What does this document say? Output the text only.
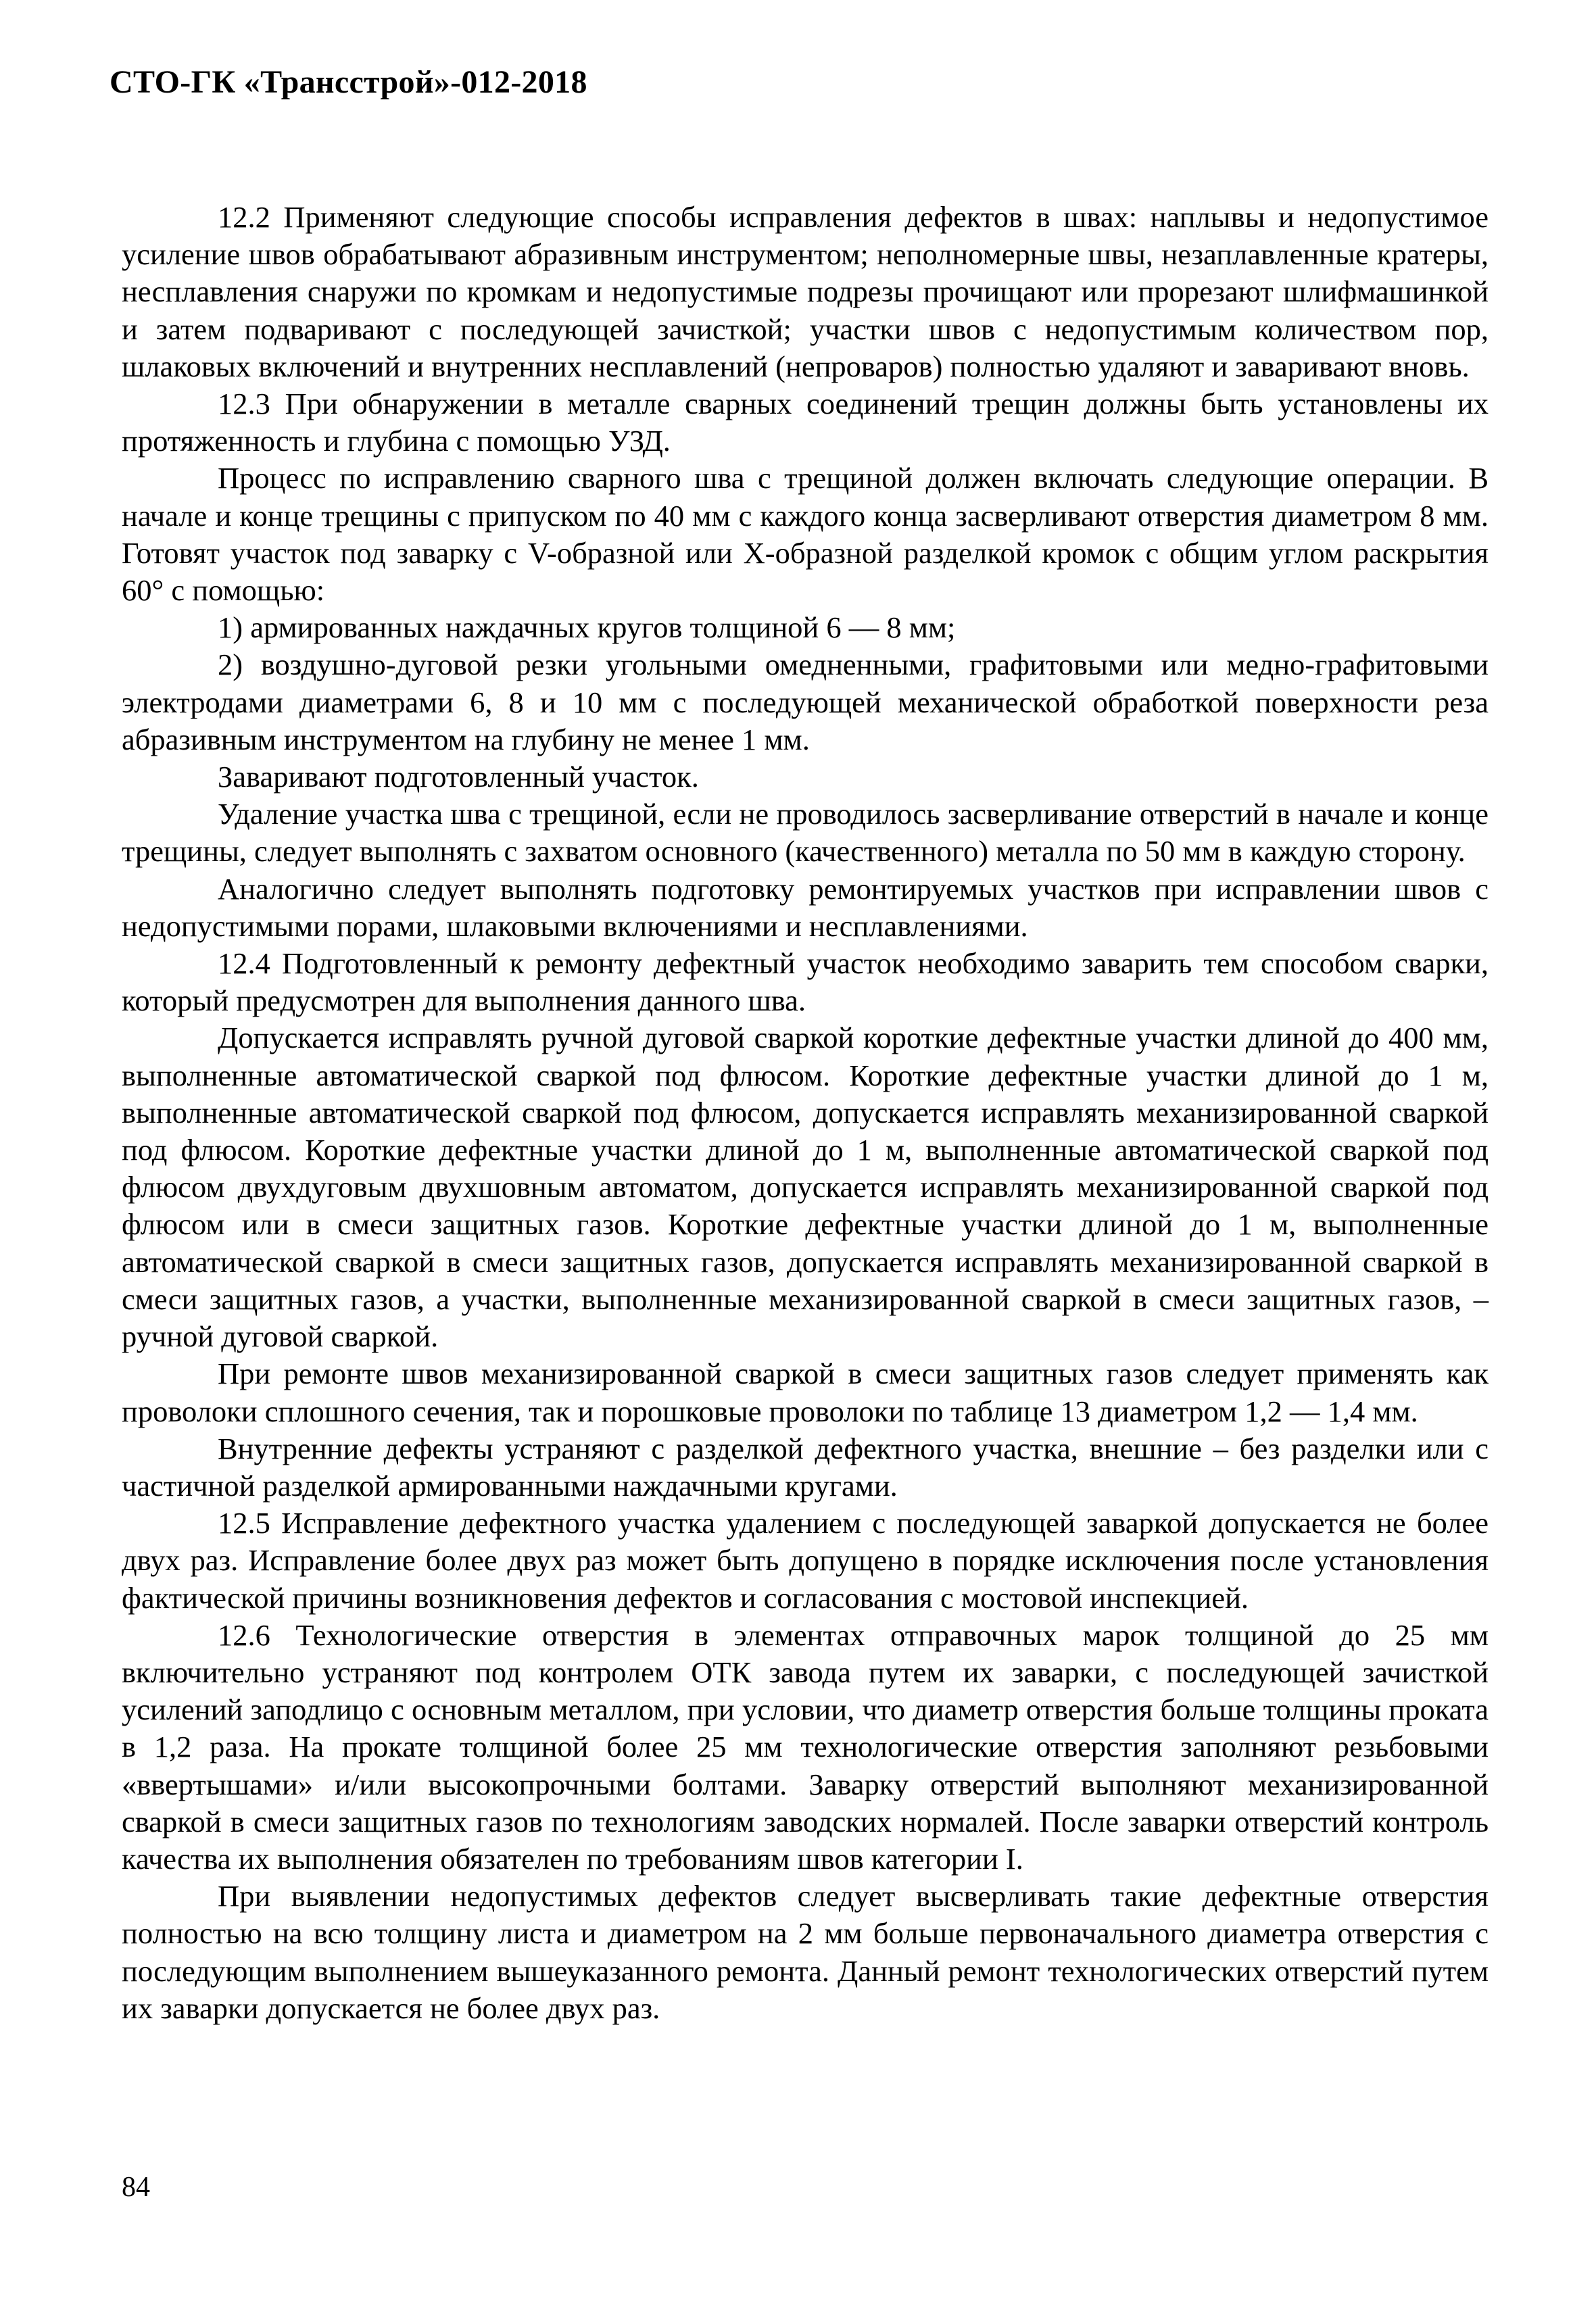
СТО-ГК «Трансстрой»-012-2018

12.2 Применяют следующие способы исправления дефектов в швах: наплывы и недопустимое усиление швов обрабатывают абразивным инструментом; неполномерные швы, незаплавленные кратеры, несплавления снаружи по кромкам и недопустимые подрезы прочищают или прорезают шлифмашинкой и затем подваривают с последующей зачисткой; участки швов с недопустимым количеством пор, шлаковых включений и внутренних несплавлений (непроваров) полностью удаляют и заваривают вновь.

12.3 При обнаружении в металле сварных соединений трещин должны быть установлены их протяженность и глубина с помощью УЗД.

Процесс по исправлению сварного шва с трещиной должен включать следующие операции. В начале и конце трещины с припуском по 40 мм с каждого конца засверливают отверстия диаметром 8 мм. Готовят участок под заварку с V-образной или Х-образной разделкой кромок с общим углом раскрытия 60° с помощью:

1) армированных наждачных кругов толщиной 6 — 8 мм;

2) воздушно-дуговой резки угольными омедненными, графитовыми или медно-графитовыми электродами диаметрами 6, 8 и 10 мм с последующей механической обработкой поверхности реза абразивным инструментом на глубину не менее 1 мм.

Заваривают подготовленный участок.

Удаление участка шва с трещиной, если не проводилось засверливание отверстий в начале и конце трещины, следует выполнять с захватом основного (качественного) металла по 50 мм в каждую сторону.

Аналогично следует выполнять подготовку ремонтируемых участков при исправлении швов с недопустимыми порами, шлаковыми включениями и несплавлениями.

12.4 Подготовленный к ремонту дефектный участок необходимо заварить тем способом сварки, который предусмотрен для выполнения данного шва.

Допускается исправлять ручной дуговой сваркой короткие дефектные участки длиной до 400 мм, выполненные автоматической сваркой под флюсом. Короткие дефектные участки длиной до 1 м, выполненные автоматической сваркой под флюсом, допускается исправлять механизированной сваркой под флюсом. Короткие дефектные участки длиной до 1 м, выполненные автоматической сваркой под флюсом двухдуговым двухшовным автоматом, допускается исправлять механизированной сваркой под флюсом или в смеси защитных газов. Короткие дефектные участки длиной до 1 м, выполненные автоматической сваркой в смеси защитных газов, допускается исправлять механизированной сваркой в смеси защитных газов, а участки, выполненные механизированной сваркой в смеси защитных газов, – ручной дуговой сваркой.

При ремонте швов механизированной сваркой в смеси защитных газов следует применять как проволоки сплошного сечения, так и порошковые проволоки по таблице 13 диаметром 1,2 — 1,4 мм.

Внутренние дефекты устраняют с разделкой дефектного участка, внешние – без разделки или с частичной разделкой армированными наждачными кругами.

12.5 Исправление дефектного участка удалением с последующей заваркой допускается не более двух раз. Исправление более двух раз может быть допущено в порядке исключения после установления фактической причины возникновения дефектов и согласования с мостовой инспекцией.

12.6 Технологические отверстия в элементах отправочных марок толщиной до 25 мм включительно устраняют под контролем ОТК завода путем их заварки, с последующей зачисткой усилений заподлицо с основным металлом, при условии, что диаметр отверстия больше толщины проката в 1,2 раза. На прокате толщиной более 25 мм технологические отверстия заполняют резьбовыми «ввертышами» и/или высокопрочными болтами. Заварку отверстий выполняют механизированной сваркой в смеси защитных газов по технологиям заводских нормалей. После заварки отверстий контроль качества их выполнения обязателен по требованиям швов категории I.

При выявлении недопустимых дефектов следует высверливать такие дефектные отверстия полностью на всю толщину листа и диаметром на 2 мм больше первоначального диаметра отверстия с последующим выполнением вышеуказанного ремонта. Данный ремонт технологических отверстий путем их заварки допускается не более двух раз.

84
